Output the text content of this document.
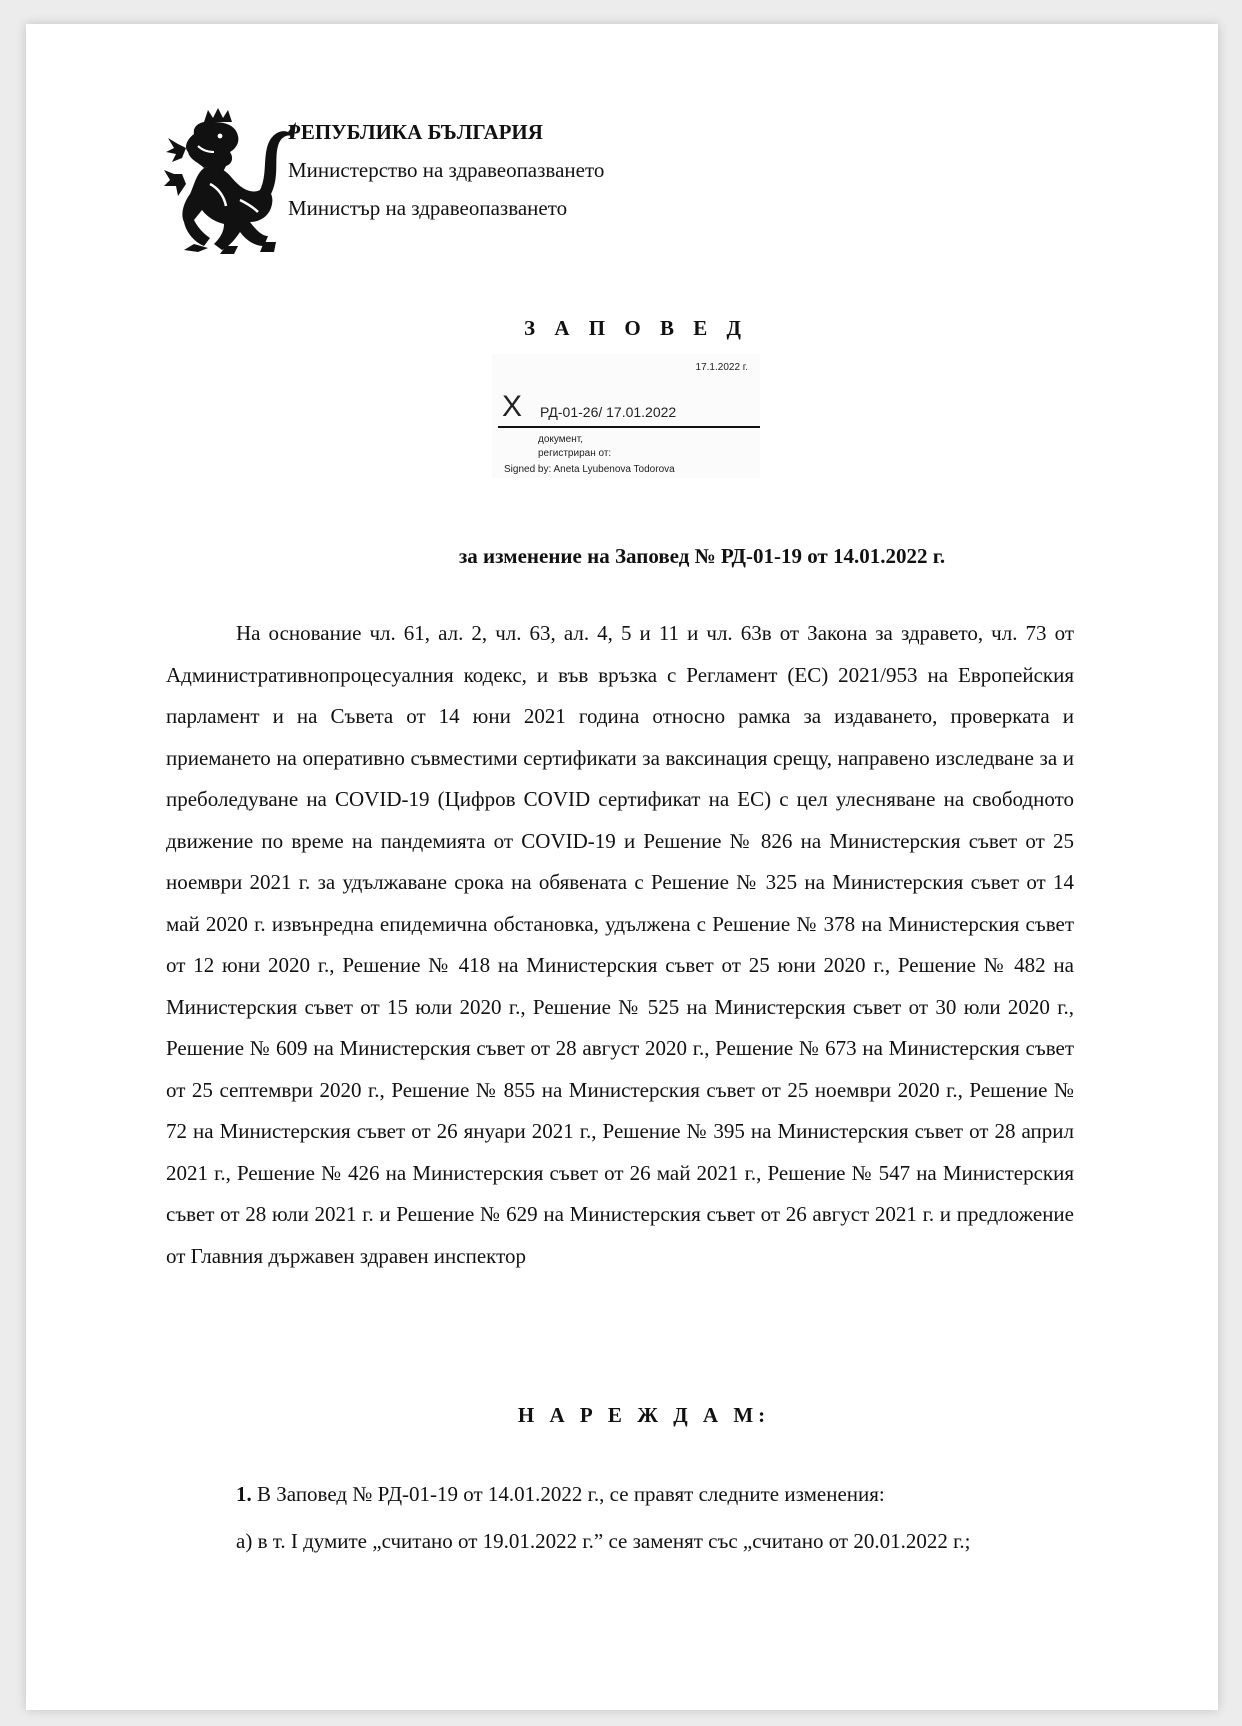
РЕПУБЛИКА БЪЛГАРИЯ
Министерство на здравеопазването
Министър на здравеопазването
З А П О В Е Д
17.1.2022 г.
X РД-01-26/ 17.01.2022
документ,
регистриран от:
Signed by: Aneta Lyubenova Todorova
за изменение на Заповед № РД-01-19 от 14.01.2022 г.

На основание чл. 61, ал. 2, чл. 63, ал. 4, 5 и 11 и чл. 63в от Закона за здравето, чл. 73 от Административнопроцесуалния кодекс, и във връзка с Регламент (ЕС) 2021/953 на Европейския парламент и на Съвета от 14 юни 2021 година относно рамка за издаването, проверката и приемането на оперативно съвместими сертификати за ваксинация срещу, направено изследване за и преболедуване на COVID-19 (Цифров COVID сертификат на ЕС) с цел улесняване на свободното движение по време на пандемията от COVID-19 и Решение № 826 на Министерския съвет от 25 ноември 2021 г. за удължаване срока на обявената с Решение № 325 на Министерския съвет от 14 май 2020 г. извънредна епидемична обстановка, удължена с Решение № 378 на Министерския съвет от 12 юни 2020 г., Решение № 418 на Министерския съвет от 25 юни 2020 г., Решение № 482 на Министерския съвет от 15 юли 2020 г., Решение № 525 на Министерския съвет от 30 юли 2020 г., Решение № 609 на Министерския съвет от 28 август 2020 г., Решение № 673 на Министерския съвет от 25 септември 2020 г., Решение № 855 на Министерския съвет от 25 ноември 2020 г., Решение № 72 на Министерския съвет от 26 януари 2021 г., Решение № 395 на Министерския съвет от 28 април 2021 г., Решение № 426 на Министерския съвет от 26 май 2021 г., Решение № 547 на Министерския съвет от 28 юли 2021 г. и Решение № 629 на Министерския съвет от 26 август 2021 г. и предложение от Главния държавен здравен инспектор

Н А Р Е Ж Д А М:
1. В Заповед № РД-01-19 от 14.01.2022 г., се правят следните изменения:

а) в т. I думите „считано от 19.01.2022 г.” се заменят със „считано от 20.01.2022 г.;
